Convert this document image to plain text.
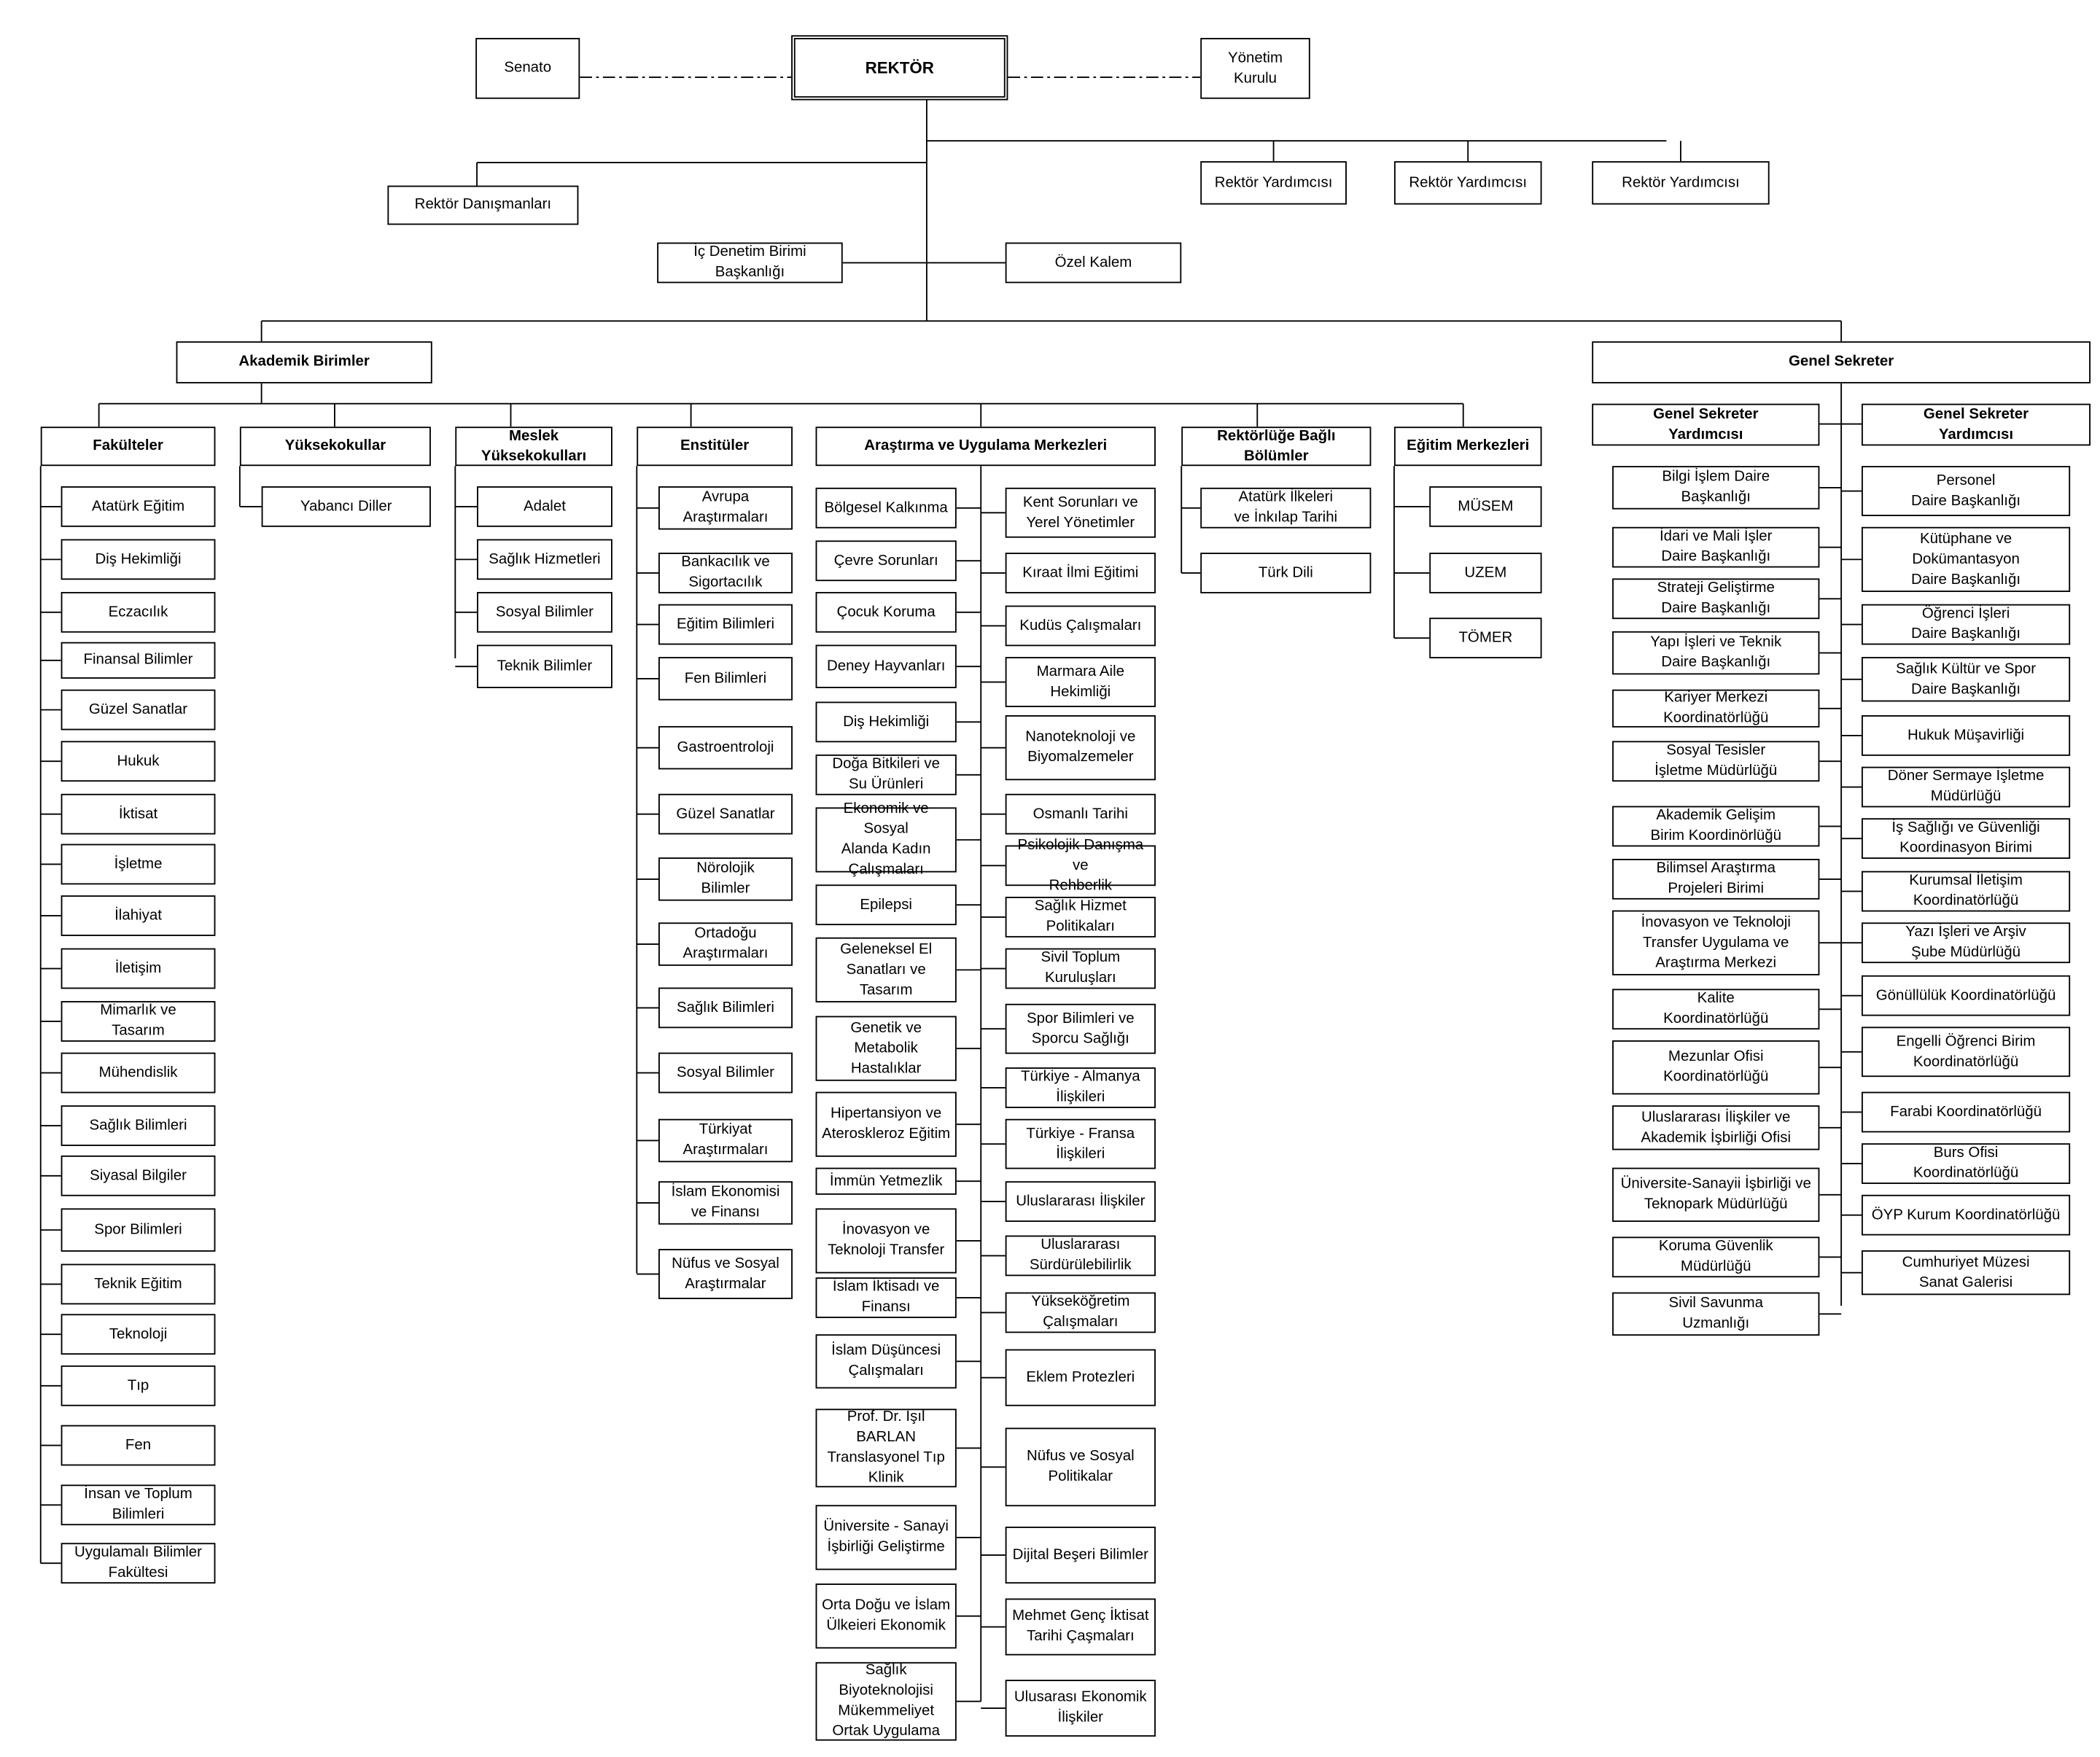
Senato	REKTÖR
Yönetim
Kurulu
Rektör Danışmanları
Rektör Yardımcısı	Rektör Yardımcısı	Rektör Yardımcısı
İç Denetim Birimi
Başkanlığı
Özel Kalem
Akademik Birimler	Genel Sekreter
Fakülteler
Atatürk Eğitim
Diş Hekimliği
Eczacılık
Finansal Bilimler
Güzel Sanatlar
Hukuk
İktisat
İşletme
İlahiyat
İletişim
Mimarlık ve
Tasarım
Mühendislik
Sağlık Bilimleri
Siyasal Bilgiler
Spor Bilimleri
Teknik Eğitim
Teknoloji
Tıp
Fen
İnsan ve Toplum
Bilimleri
Uygulamalı Bilimler
Fakültesi
Yüksekokullar
Yabancı Diller
Meslek
Yüksekokulları
Adalet
Sağlık Hizmetleri
Sosyal Bilimler
Teknik Bilimler
Enstitüler
Avrupa
Araştırmaları
Bankacılık ve
Sigortacılık
Eğitim Bilimleri
Fen Bilimleri
Gastroentroloji
Güzel Sanatlar
Nörolojik
Bilimler
Ortadoğu
Araştırmaları
Sağlık Bilimleri
Sosyal Bilimler
Türkiyat
Araştırmaları
İslam Ekonomisi
ve Finansı
Nüfus ve Sosyal
Araştırmalar
Araştırma ve Uygulama Merkezleri
Bölgesel Kalkınma
Çevre Sorunları
Çocuk Koruma
Deney Hayvanları
Diş Hekimliği
Doğa Bitkileri ve
Su Ürünleri
Ekonomik ve Sosyal
Alanda Kadın
Çalışmaları
Epilepsi
Geleneksel El
Sanatları ve
Tasarım
Genetik ve
Metabolik
Hastalıklar
Hipertansiyon ve
Ateroskleroz Eğitim
İmmün Yetmezlik
İnovasyon ve
Teknoloji Transfer
İslam İktisadı ve
Finansı
İslam Düşüncesi
Çalışmaları
Prof. Dr. Işıl BARLAN
Translasyonel Tıp
Klinik
Üniversite - Sanayi
İşbirliği Geliştirme
Orta Doğu ve İslam
Ülkeieri Ekonomik
Sağlık
Biyoteknolojisi
Mükemmeliyet
Ortak Uygulama
Kent Sorunları ve
Yerel Yönetimler
Kıraat İlmi Eğitimi
Kudüs Çalışmaları
Marmara Aile
Hekimliği
Nanoteknoloji ve
Biyomalzemeler
Osmanlı Tarihi
Psikolojik Danışma ve
Rehberlik
Sağlık Hizmet
Politikaları
Sivil Toplum
Kuruluşları
Spor Bilimleri ve
Sporcu Sağlığı
Türkiye - Almanya
İlişkileri
Türkiye - Fransa
İlişkileri
Uluslararası İlişkiler
Uluslararası
Sürdürülebilirlik
Yükseköğretim
Çalışmaları
Eklem Protezleri
Nüfus ve Sosyal
Politikalar
Dijital Beşeri Bilimler
Mehmet Genç İktisat
Tarihi Çaşmaları
Ulusarası Ekonomik
İlişkiler
Rektörlüğe Bağlı
Bölümler
Atatürk İlkeleri
ve İnkılap Tarihi
Türk Dili
Eğitim Merkezleri
MÜSEM
UZEM
TÖMER
Genel Sekreter
Yardımcısı
Genel Sekreter
Yardımcısı
Bilgi İşlem Daire
Başkanlığı
İdari ve Mali İşler
Daire Başkanlığı
Strateji Geliştirme
Daire Başkanlığı
Yapı İşleri ve Teknik
Daire Başkanlığı
Kariyer Merkezi
Koordinatörlüğü
Sosyal Tesisler
İşletme Müdürlüğü
Akademik Gelişim
Birim Koordinörlüğü
Bilimsel Araştırma
Projeleri Birimi
İnovasyon ve Teknoloji
Transfer Uygulama ve
Araştırma Merkezi
Kalite
Koordinatörlüğü
Mezunlar Ofisi
Koordinatörlüğü
Uluslararası İlişkiler ve
Akademik İşbirliği Ofisi
Üniversite-Sanayii İşbirliği ve
Teknopark Müdürlüğü
Koruma Güvenlik
Müdürlüğü
Sivil Savunma
Uzmanlığı
Personel
Daire Başkanlığı
Kütüphane ve Dokümantasyon
Daire Başkanlığı
Öğrenci İşleri
Daire Başkanlığı
Sağlık Kültür ve Spor
Daire Başkanlığı
Hukuk Müşavirliği
Döner Sermaye İşletme
Müdürlüğü
İş Sağlığı ve Güvenliği
Koordinasyon Birimi
Kurumsal İletişim
Koordinatörlüğü
Yazı İşleri ve Arşiv
Şube Müdürlüğü
Gönüllülük Koordinatörlüğü
Engelli Öğrenci Birim
Koordinatörlüğü
Farabi Koordinatörlüğü
Burs Ofisi
Koordinatörlüğü
ÖYP Kurum Koordinatörlüğü
Cumhuriyet Müzesi
Sanat Galerisi
